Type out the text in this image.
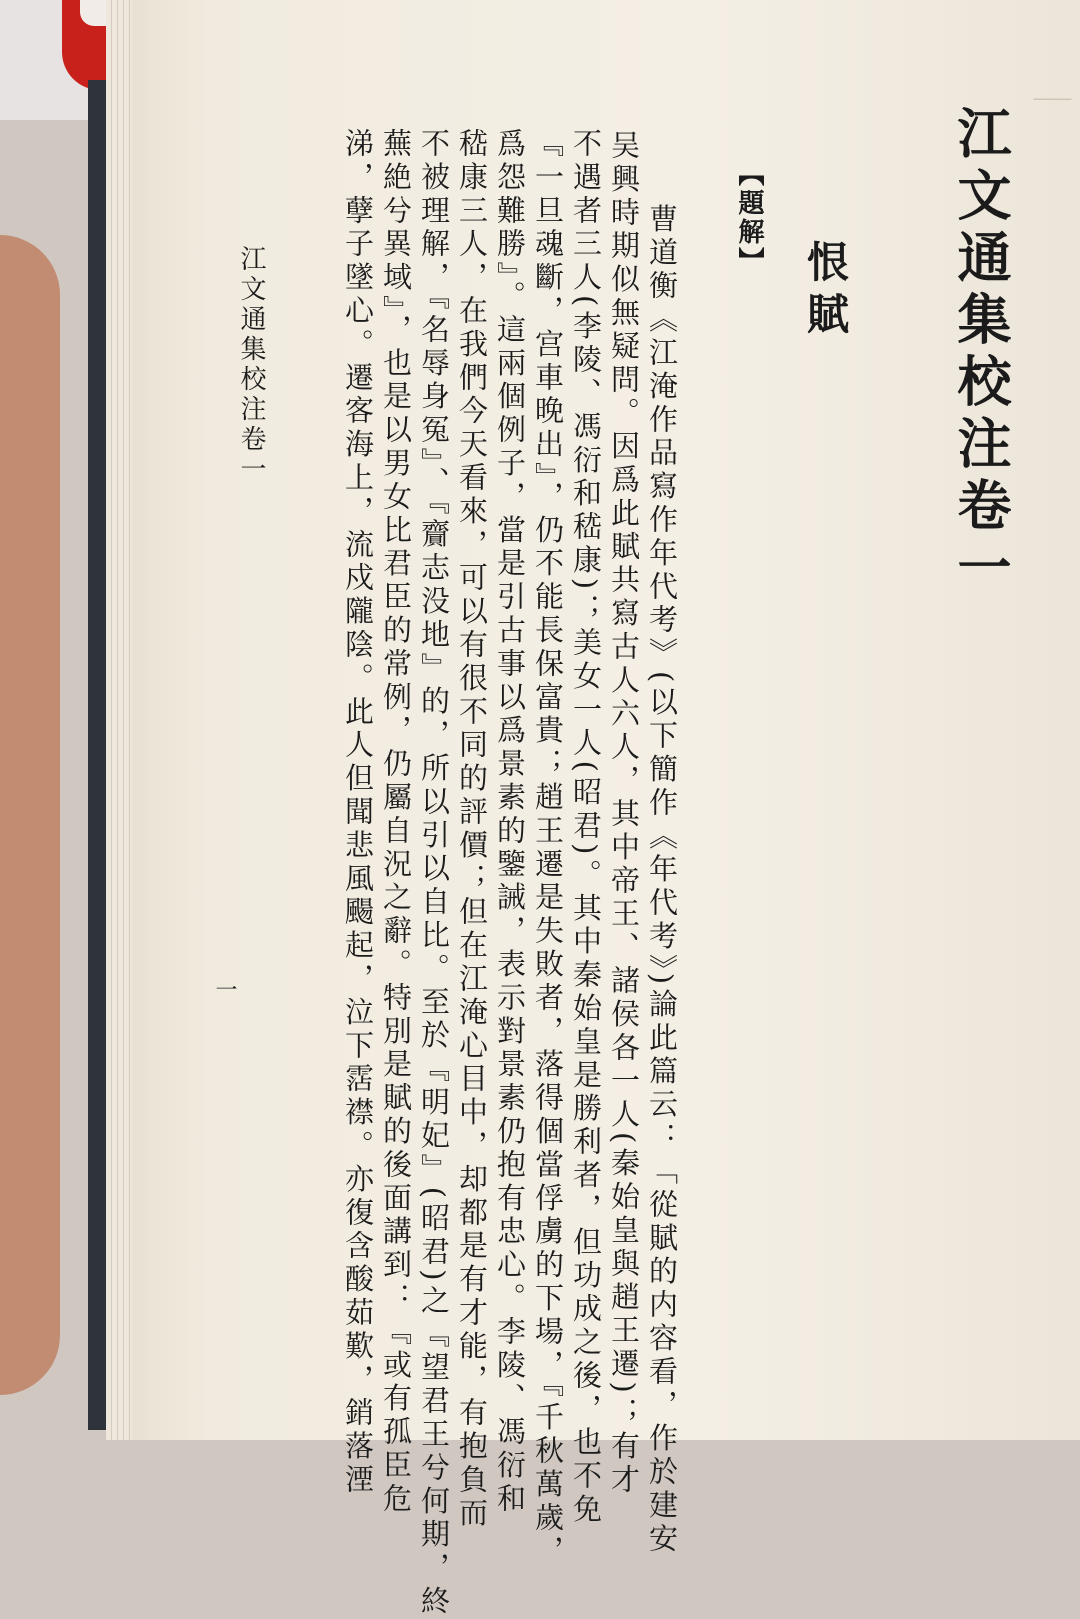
｜
江文通集校注卷一
恨賦
【題解】
　曹道衡《江淹作品寫作年代考》(以下簡作《年代考》)論此篇云：「從賦的内容看，作於建安
吴興時期似無疑問。因爲此賦共寫古人六人，其中帝王、諸侯各一人(秦始皇與趙王遷)；有才
不遇者三人(李陵、馮衍和嵇康)；美女一人(昭君)。其中秦始皇是勝利者，但功成之後，也不免
『一旦魂斷，宫車晚出』，仍不能長保富貴；趙王遷是失敗者，落得個當俘虜的下場，『千秋萬歲，
爲怨難勝』。這兩個例子，當是引古事以爲景素的鑒誡，表示對景素仍抱有忠心。李陵、馮衍和
嵇康三人，在我們今天看來，可以有很不同的評價；但在江淹心目中，却都是有才能，有抱負而
不被理解，『名辱身冤』、『齎志没地』的，所以引以自比。至於『明妃』(昭君)之『望君王兮何期，終
蕪絶兮異域』，也是以男女比君臣的常例，仍屬自況之辭。特別是賦的後面講到：『或有孤臣危
涕，孽子墜心。遷客海上，流戍隴陰。此人但聞悲風颺起，泣下霑襟。亦復含酸茹歎，銷落湮
江文通集校注卷一
一
